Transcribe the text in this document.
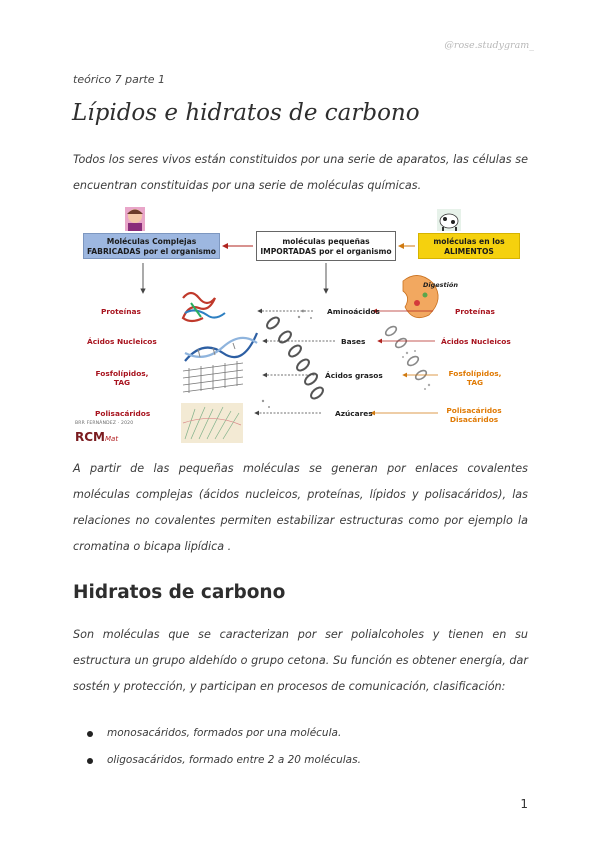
@rose.studygram_
teórico 7 parte 1
Lípidos e hidratos de carbono
Todos los seres vivos están constituidos por una serie de aparatos, las células se encuentran constituidas por una serie de moléculas químicas.
Moléculas Complejas
FABRICADAS por el organismo
moléculas pequeñas
IMPORTADAS por el organismo
moléculas en los
ALIMENTOS
Digestión
Proteínas
Ácidos Nucleicos
Fosfolípidos,
TAG
Polisacáridos
Aminoácidos
Bases
Ácidos grasos
Azúcares
Proteínas
Ácidos Nucleicos
Fosfolípidos,
TAG
Polisacáridos
Disacáridos
BRR FERNÁNDEZ · 2020
RCMMat
A partir de las pequeñas moléculas se generan por enlaces covalentes moléculas complejas (ácidos nucleicos, proteínas, lípidos y polisacáridos), las relaciones no covalentes permiten estabilizar estructuras como por ejemplo la cromatina o bicapa lipídica .
Hidratos de carbono
Son moléculas que se caracterizan por ser polialcoholes y tienen en su estructura un grupo aldehído o grupo cetona. Su función es obtener energía, dar sostén y protección, y participan en procesos de comunicación, clasificación:
monosacáridos, formados por una molécula.
oligosacáridos, formado entre 2 a 20 moléculas.
1
